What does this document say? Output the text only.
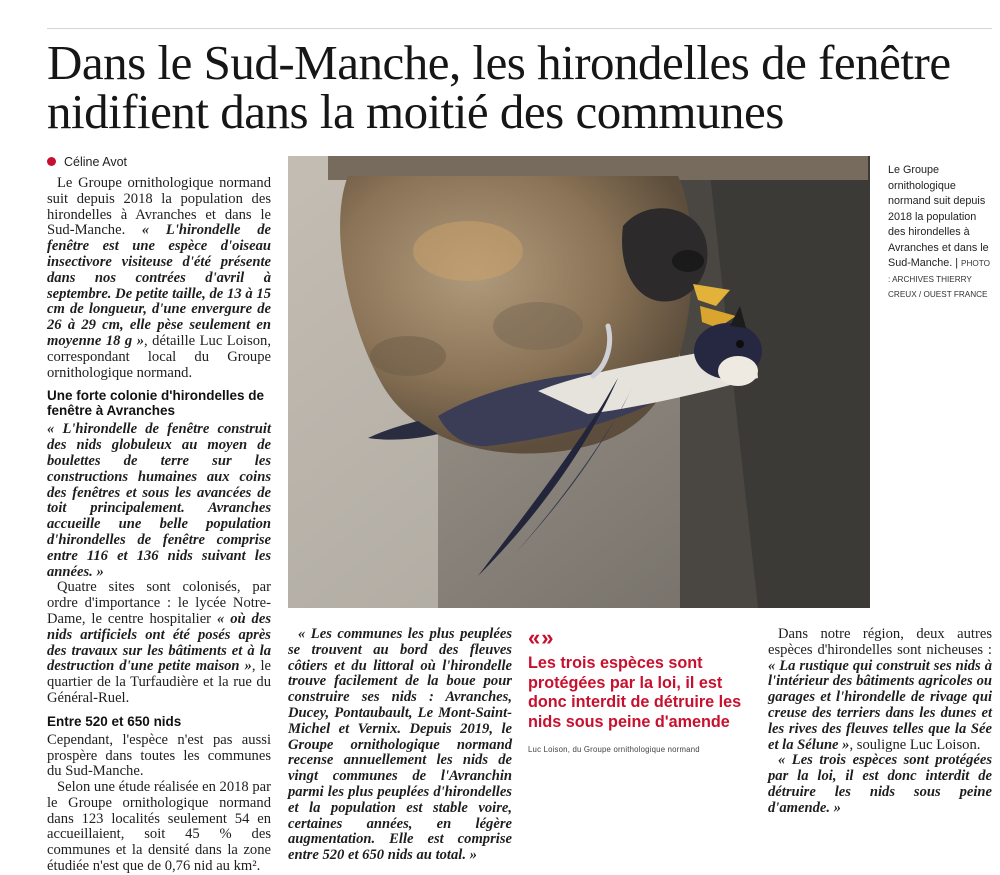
Dans le Sud-Manche, les hirondelles de fenêtre nidifient dans la moitié des communes
Céline Avot

Le Groupe ornithologique normand suit depuis 2018 la population des hirondelles à Avranches et dans le Sud-Manche. « L'hirondelle de fenêtre est une espèce d'oiseau insectivore visiteuse d'été présente dans nos contrées d'avril à septembre. De petite taille, de 13 à 15 cm de longueur, d'une envergure de 26 à 29 cm, elle pèse seulement en moyenne 18 g », détaille Luc Loison, correspondant local du Groupe ornithologique normand.

Une forte colonie d'hirondelles de fenêtre à Avranches

« L'hirondelle de fenêtre construit des nids globuleux au moyen de boulettes de terre sur les constructions humaines aux coins des fenêtres et sous les avancées de toit principalement. Avranches accueille une belle population d'hirondelles de fenêtre comprise entre 116 et 136 nids suivant les années. »

Quatre sites sont colonisés, par ordre d'importance : le lycée Notre-Dame, le centre hospitalier « où des nids artificiels ont été posés après des travaux sur les bâtiments et à la destruction d'une petite maison », le quartier de la Turfaudière et la rue du Général-Ruel.

Entre 520 et 650 nids

Cependant, l'espèce n'est pas aussi prospère dans toutes les communes du Sud-Manche.

Selon une étude réalisée en 2018 par le Groupe ornithologique normand dans 123 localités seulement 54 en accueillaient, soit 45 % des communes et la densité dans la zone étudiée n'est que de 0,76 nid au km².

Le Groupe ornithologique normand suit depuis 2018 la population des hirondelles à Avranches et dans le Sud-Manche. | PHOTO : ARCHIVES THIERRY CREUX / OUEST FRANCE

« Les communes les plus peuplées se trouvent au bord des fleuves côtiers et du littoral où l'hirondelle trouve facilement de la boue pour construire ses nids : Avranches, Ducey, Pontaubault, Le Mont-Saint-Michel et Vernix. Depuis 2019, le Groupe ornithologique normand recense annuellement les nids de vingt communes de l'Avranchin parmi les plus peuplées d'hirondelles et la population est stable voire, certaines années, en légère augmentation. Elle est comprise entre 520 et 650 nids au total. »

«»
Les trois espèces sont protégées par la loi, il est donc interdit de détruire les nids sous peine d'amende
Luc Loison, du Groupe ornithologique normand

Dans notre région, deux autres espèces d'hirondelles sont nicheuses : « La rustique qui construit ses nids à l'intérieur des bâtiments agricoles ou garages et l'hirondelle de rivage qui creuse des terriers dans les dunes et les rives des fleuves telles que la Sée et la Sélune », souligne Luc Loison.

« Les trois espèces sont protégées par la loi, il est donc interdit de détruire les nids sous peine d'amende. »
